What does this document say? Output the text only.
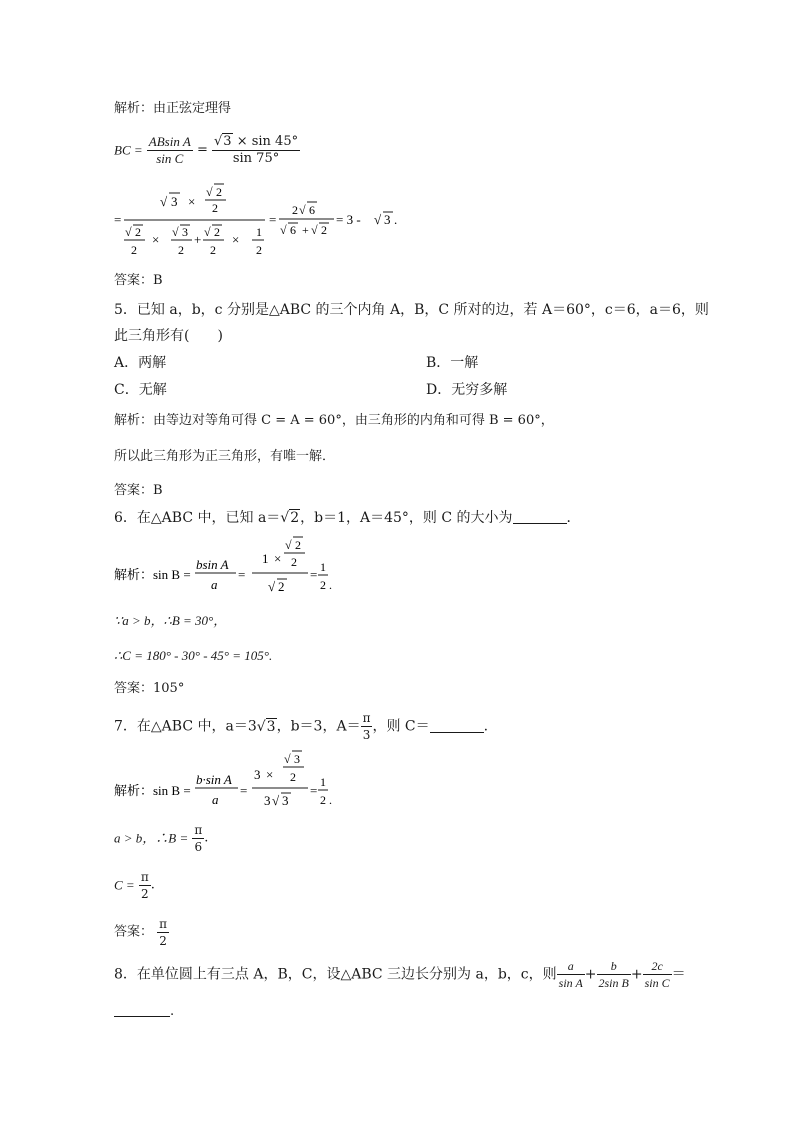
解析：由正弦定理得
BC = $\frac{\text{ABsin A}}{\text{sin C}} = \frac{√3 \times \sin 45^\circ}{\sin 75^\circ}$
=
√ 3 ×
√ 2
2
√ 2
2
× √ 3
2
+ √ 2
2
× 1
2
=
2 √ 6
√ 6 + √ 2
= 3 - √ 3 .
答案：B
5．已知 a，b，c 分别是△ABC 的三个内角 A，B，C 所对的边，若 A＝60°，c＝6，a＝6，则
此三角形有(　　)
A．两解	B．一解
C．无解	D．无穷多解
解析：由等边对等角可得 C = A = 60°，由三角形的内角和可得 B = 60°，
所以此三角形为正三角形，有唯一解．
答案：B
6．在△ABC 中，已知 a＝√2，b＝1，A＝45°，则 C 的大小为	．
解析：sin B =
bsin A
a
=
1 ×
√ 2
2
√ 2
= 1
2 .
∵a > b，∴B = 30°，
∴C = 180° - 30° - 45° = 105°.
答案：105°
7．在△ABC 中，a＝3√3，b＝3，$A= \frac{\pi}{3}$ ，则 C＝	.
解析：sin B =
b·sin A
a
=
3 ×
√ 3
2
3 √ 3
=
1
2 .
a > b，∴B = $\frac{\pi}{6}$ .
$C = \frac{\pi}{2}$ .
答案： $\frac{\pi}{2}$
8．在单位圆上有三点 A，B，C，设△ABC 三边长分别为 a，b，c，则 $\frac{a}{\text{sin A}} + \frac{b}{\text{2sin B}} + \frac{2c}{\text{sin C}}$ ＝
.
